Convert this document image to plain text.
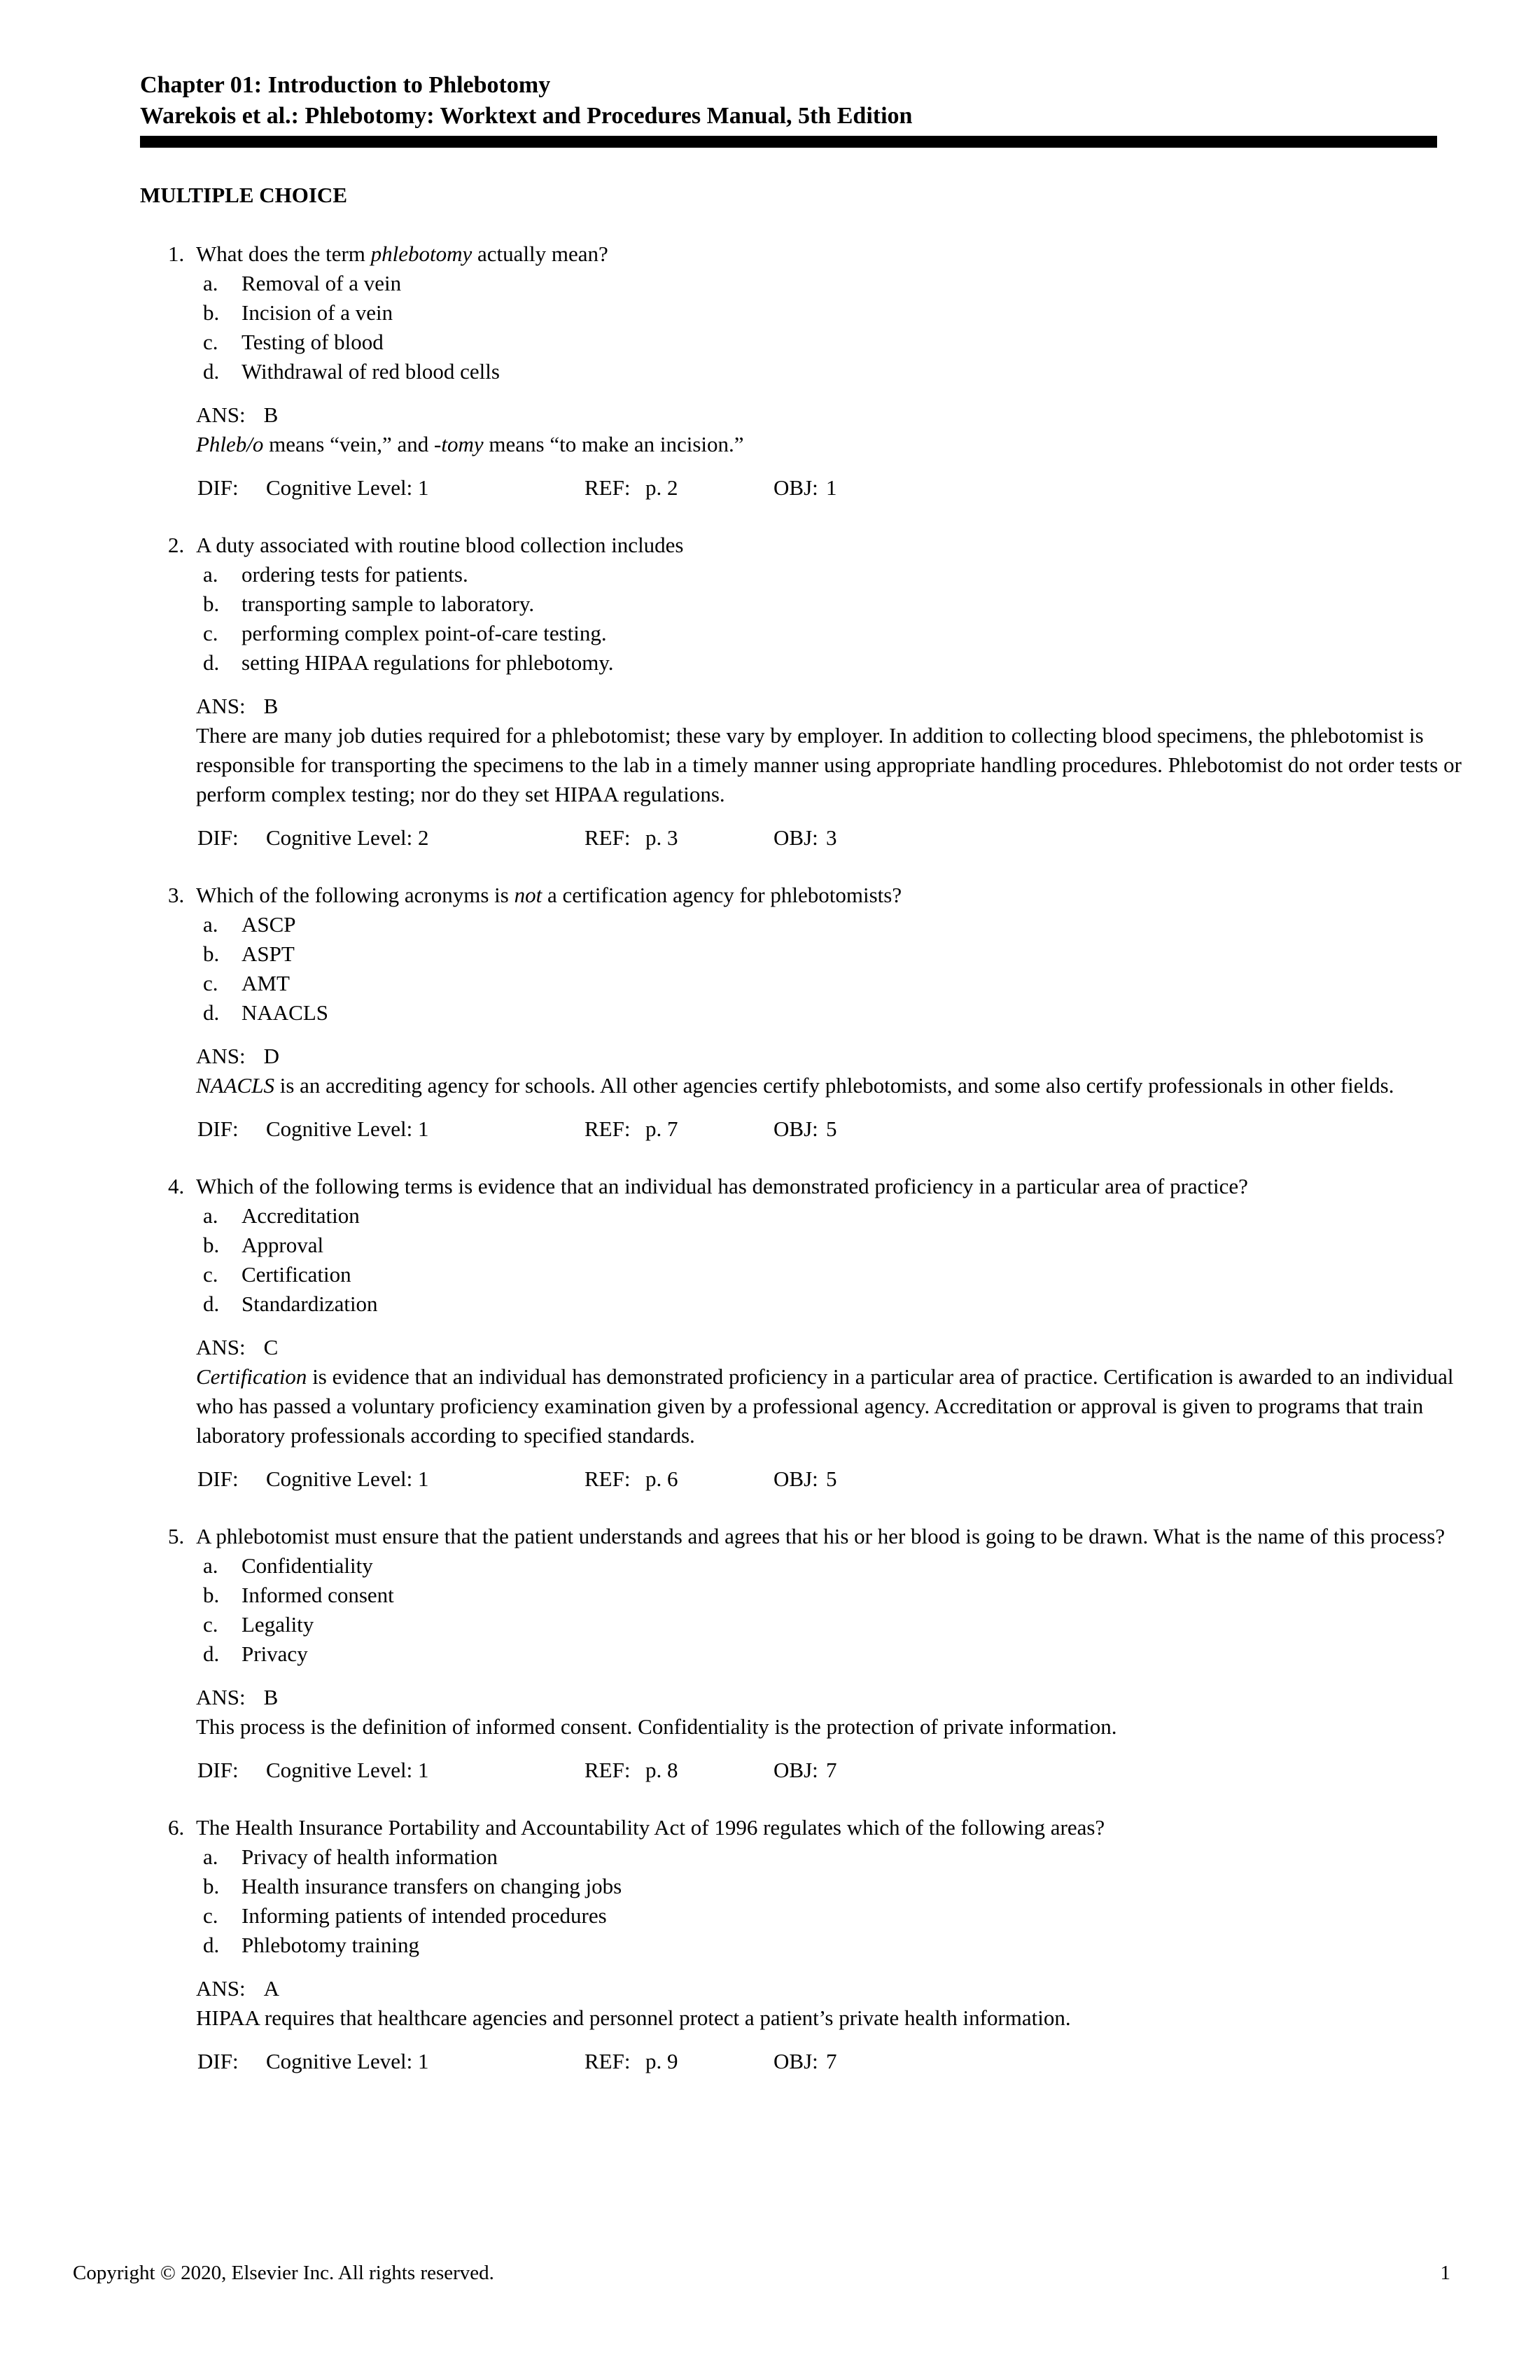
Chapter 01: Introduction to Phlebotomy
Warekois et al.: Phlebotomy: Worktext and Procedures Manual, 5th Edition
MULTIPLE CHOICE
1. What does the term phlebotomy actually mean?
a.	Removal of a vein
b.	Incision of a vein
c.	Testing of blood
d.	Withdrawal of red blood cells
ANS: B
Phleb/o means “vein,” and -tomy means “to make an incision.”
DIF: Cognitive Level: 1	REF: p. 2	OBJ: 1
2. A duty associated with routine blood collection includes
a.	ordering tests for patients.
b.	transporting sample to laboratory.
c.	performing complex point-of-care testing.
d.	setting HIPAA regulations for phlebotomy.
ANS: B
There are many job duties required for a phlebotomist; these vary by employer. In addition to collecting blood specimens, the phlebotomist is responsible for transporting the specimens to the lab in a timely manner using appropriate handling procedures. Phlebotomist do not order tests or perform complex testing; nor do they set HIPAA regulations.
DIF: Cognitive Level: 2	REF: p. 3	OBJ: 3
3. Which of the following acronyms is not a certification agency for phlebotomists?
a.	ASCP
b.	ASPT
c.	AMT
d.	NAACLS
ANS: D
NAACLS is an accrediting agency for schools. All other agencies certify phlebotomists, and some also certify professionals in other fields.
DIF: Cognitive Level: 1	REF: p. 7	OBJ: 5
4. Which of the following terms is evidence that an individual has demonstrated proficiency in a particular area of practice?
a.	Accreditation
b.	Approval
c.	Certification
d.	Standardization
ANS: C
Certification is evidence that an individual has demonstrated proficiency in a particular area of practice. Certification is awarded to an individual who has passed a voluntary proficiency examination given by a professional agency. Accreditation or approval is given to programs that train laboratory professionals according to specified standards.
DIF: Cognitive Level: 1	REF: p. 6	OBJ: 5
5. A phlebotomist must ensure that the patient understands and agrees that his or her blood is going to be drawn. What is the name of this process?
a.	Confidentiality
b.	Informed consent
c.	Legality
d.	Privacy
ANS: B
This process is the definition of informed consent. Confidentiality is the protection of private information.
DIF: Cognitive Level: 1	REF: p. 8	OBJ: 7
6. The Health Insurance Portability and Accountability Act of 1996 regulates which of the following areas?
a.	Privacy of health information
b.	Health insurance transfers on changing jobs
c.	Informing patients of intended procedures
d.	Phlebotomy training
ANS: A
HIPAA requires that healthcare agencies and personnel protect a patient’s private health information.
DIF: Cognitive Level: 1	REF: p. 9	OBJ: 7
Copyright © 2020, Elsevier Inc. All rights reserved.	1
